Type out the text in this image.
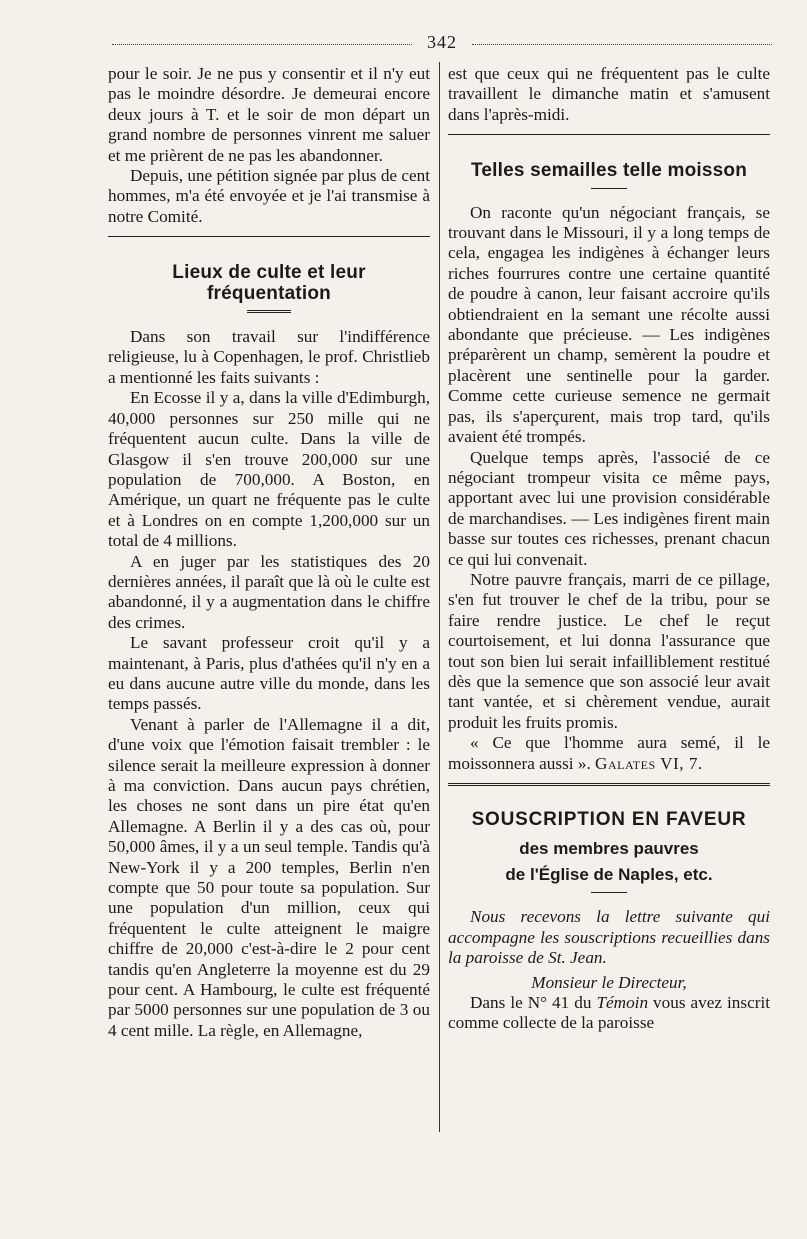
342

pour le soir. Je ne pus y consentir et il n'y eut pas le moindre désordre. Je demeurai encore deux jours à T. et le soir de mon départ un grand nombre de personnes vinrent me saluer et me prièrent de ne pas les abandonner.

Depuis, une pétition signée par plus de cent hommes, m'a été envoyée et je l'ai transmise à notre Comité.

Lieux de culte et leur fréquentation

Dans son travail sur l'indifférence religieuse, lu à Copenhagen, le prof. Christlieb a mentionné les faits suivants :

En Ecosse il y a, dans la ville d'Edimburgh, 40,000 personnes sur 250 mille qui ne fréquentent aucun culte. Dans la ville de Glasgow il s'en trouve 200,000 sur une population de 700,000. A Boston, en Amérique, un quart ne fréquente pas le culte et à Londres on en compte 1,200,000 sur un total de 4 millions.

A en juger par les statistiques des 20 dernières années, il paraît que là où le culte est abandonné, il y a augmentation dans le chiffre des crimes.

Le savant professeur croit qu'il y a maintenant, à Paris, plus d'athées qu'il n'y en a eu dans aucune autre ville du monde, dans les temps passés.

Venant à parler de l'Allemagne il a dit, d'une voix que l'émotion faisait trembler : le silence serait la meilleure expression à donner à ma conviction. Dans aucun pays chrétien, les choses ne sont dans un pire état qu'en Allemagne. A Berlin il y a des cas où, pour 50,000 âmes, il y a un seul temple. Tandis qu'à New-York il y a 200 temples, Berlin n'en compte que 50 pour toute sa population. Sur une population d'un million, ceux qui fréquentent le culte atteignent le maigre chiffre de 20,000 c'est-à-dire le 2 pour cent tandis qu'en Angleterre la moyenne est du 29 pour cent. A Hambourg, le culte est fréquenté par 5000 personnes sur une population de 3 ou 4 cent mille. La règle, en Allemagne,

est que ceux qui ne fréquentent pas le culte travaillent le dimanche matin et s'amusent dans l'après-midi.

Telles semailles telle moisson

On raconte qu'un négociant français, se trouvant dans le Missouri, il y a long temps de cela, engagea les indigènes à échanger leurs riches fourrures contre une certaine quantité de poudre à canon, leur faisant accroire qu'ils obtiendraient en la semant une récolte aussi abondante que précieuse. — Les indigènes préparèrent un champ, semèrent la poudre et placèrent une sentinelle pour la garder. Comme cette curieuse semence ne germait pas, ils s'aperçurent, mais trop tard, qu'ils avaient été trompés.

Quelque temps après, l'associé de ce négociant trompeur visita ce même pays, apportant avec lui une provision considérable de marchandises. — Les indigènes firent main basse sur toutes ces richesses, prenant chacun ce qui lui convenait.

Notre pauvre français, marri de ce pillage, s'en fut trouver le chef de la tribu, pour se faire rendre justice. Le chef le reçut courtoisement, et lui donna l'assurance que tout son bien lui serait infailliblement restitué dès que la semence que son associé leur avait tant vantée, et si chèrement vendue, aurait produit les fruits promis.

« Ce que l'homme aura semé, il le moissonnera aussi ». Galates VI, 7.

SOUSCRIPTION EN FAVEUR
des membres pauvres
de l'Église de Naples, etc.

Nous recevons la lettre suivante qui accompagne les souscriptions recueillies dans la paroisse de St. Jean.

Monsieur le Directeur,

Dans le N° 41 du Témoin vous avez inscrit comme collecte de la paroisse
